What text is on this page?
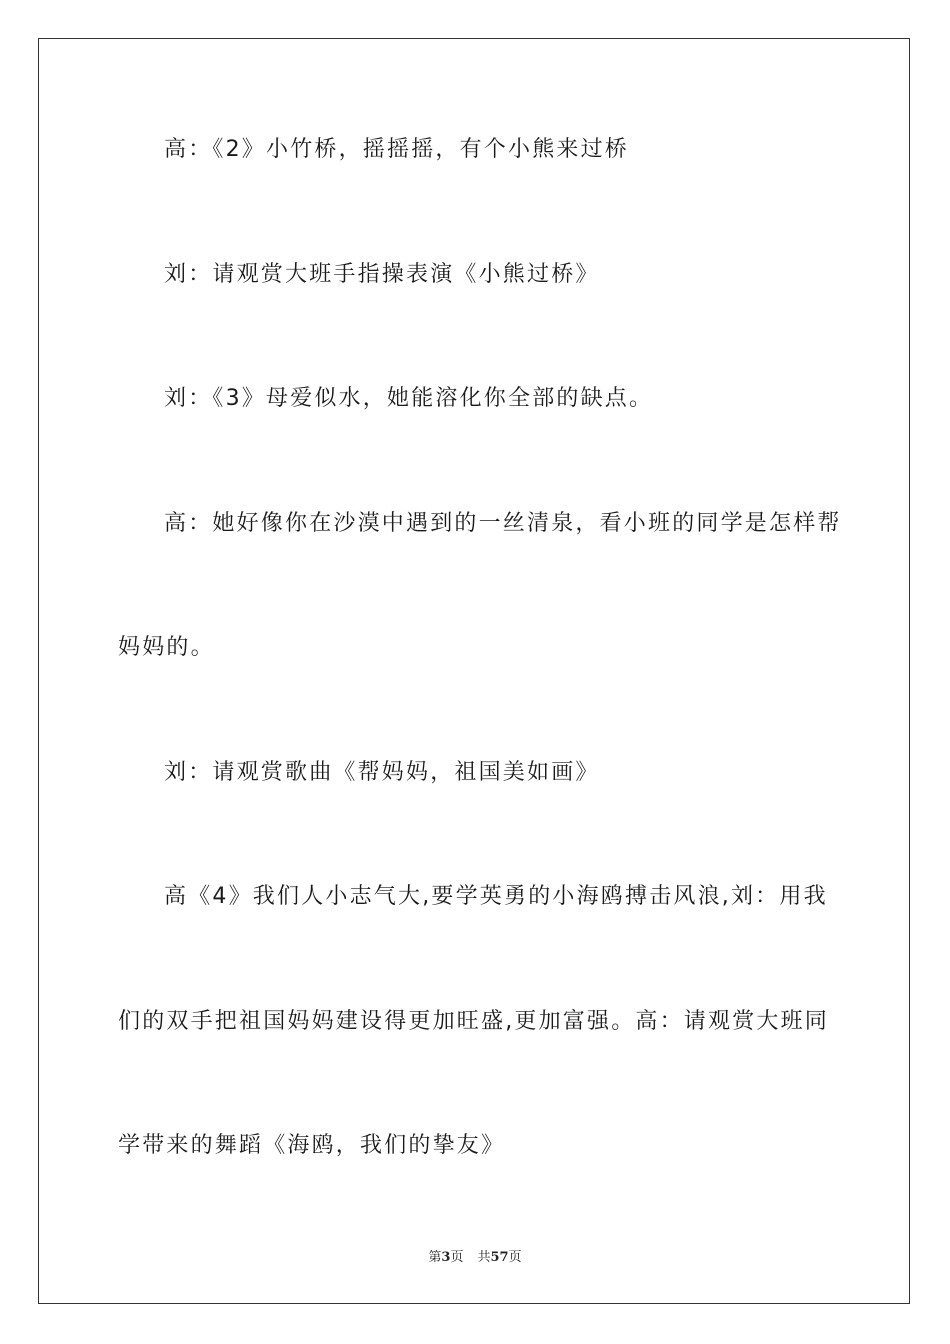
高：《2》小竹桥，摇摇摇，有个小熊来过桥
刘：请观赏大班手指操表演《小熊过桥》
刘：《3》母爱似水，她能溶化你全部的缺点。
高：她好像你在沙漠中遇到的一丝清泉，看小班的同学是怎样帮
妈妈的。
刘：请观赏歌曲《帮妈妈，祖国美如画》
高《4》我们人小志气大,要学英勇的小海鸥搏击风浪,刘：用我
们的双手把祖国妈妈建设得更加旺盛,更加富强。高：请观赏大班同
学带来的舞蹈《海鸥，我们的挚友》
第3页 共57页
